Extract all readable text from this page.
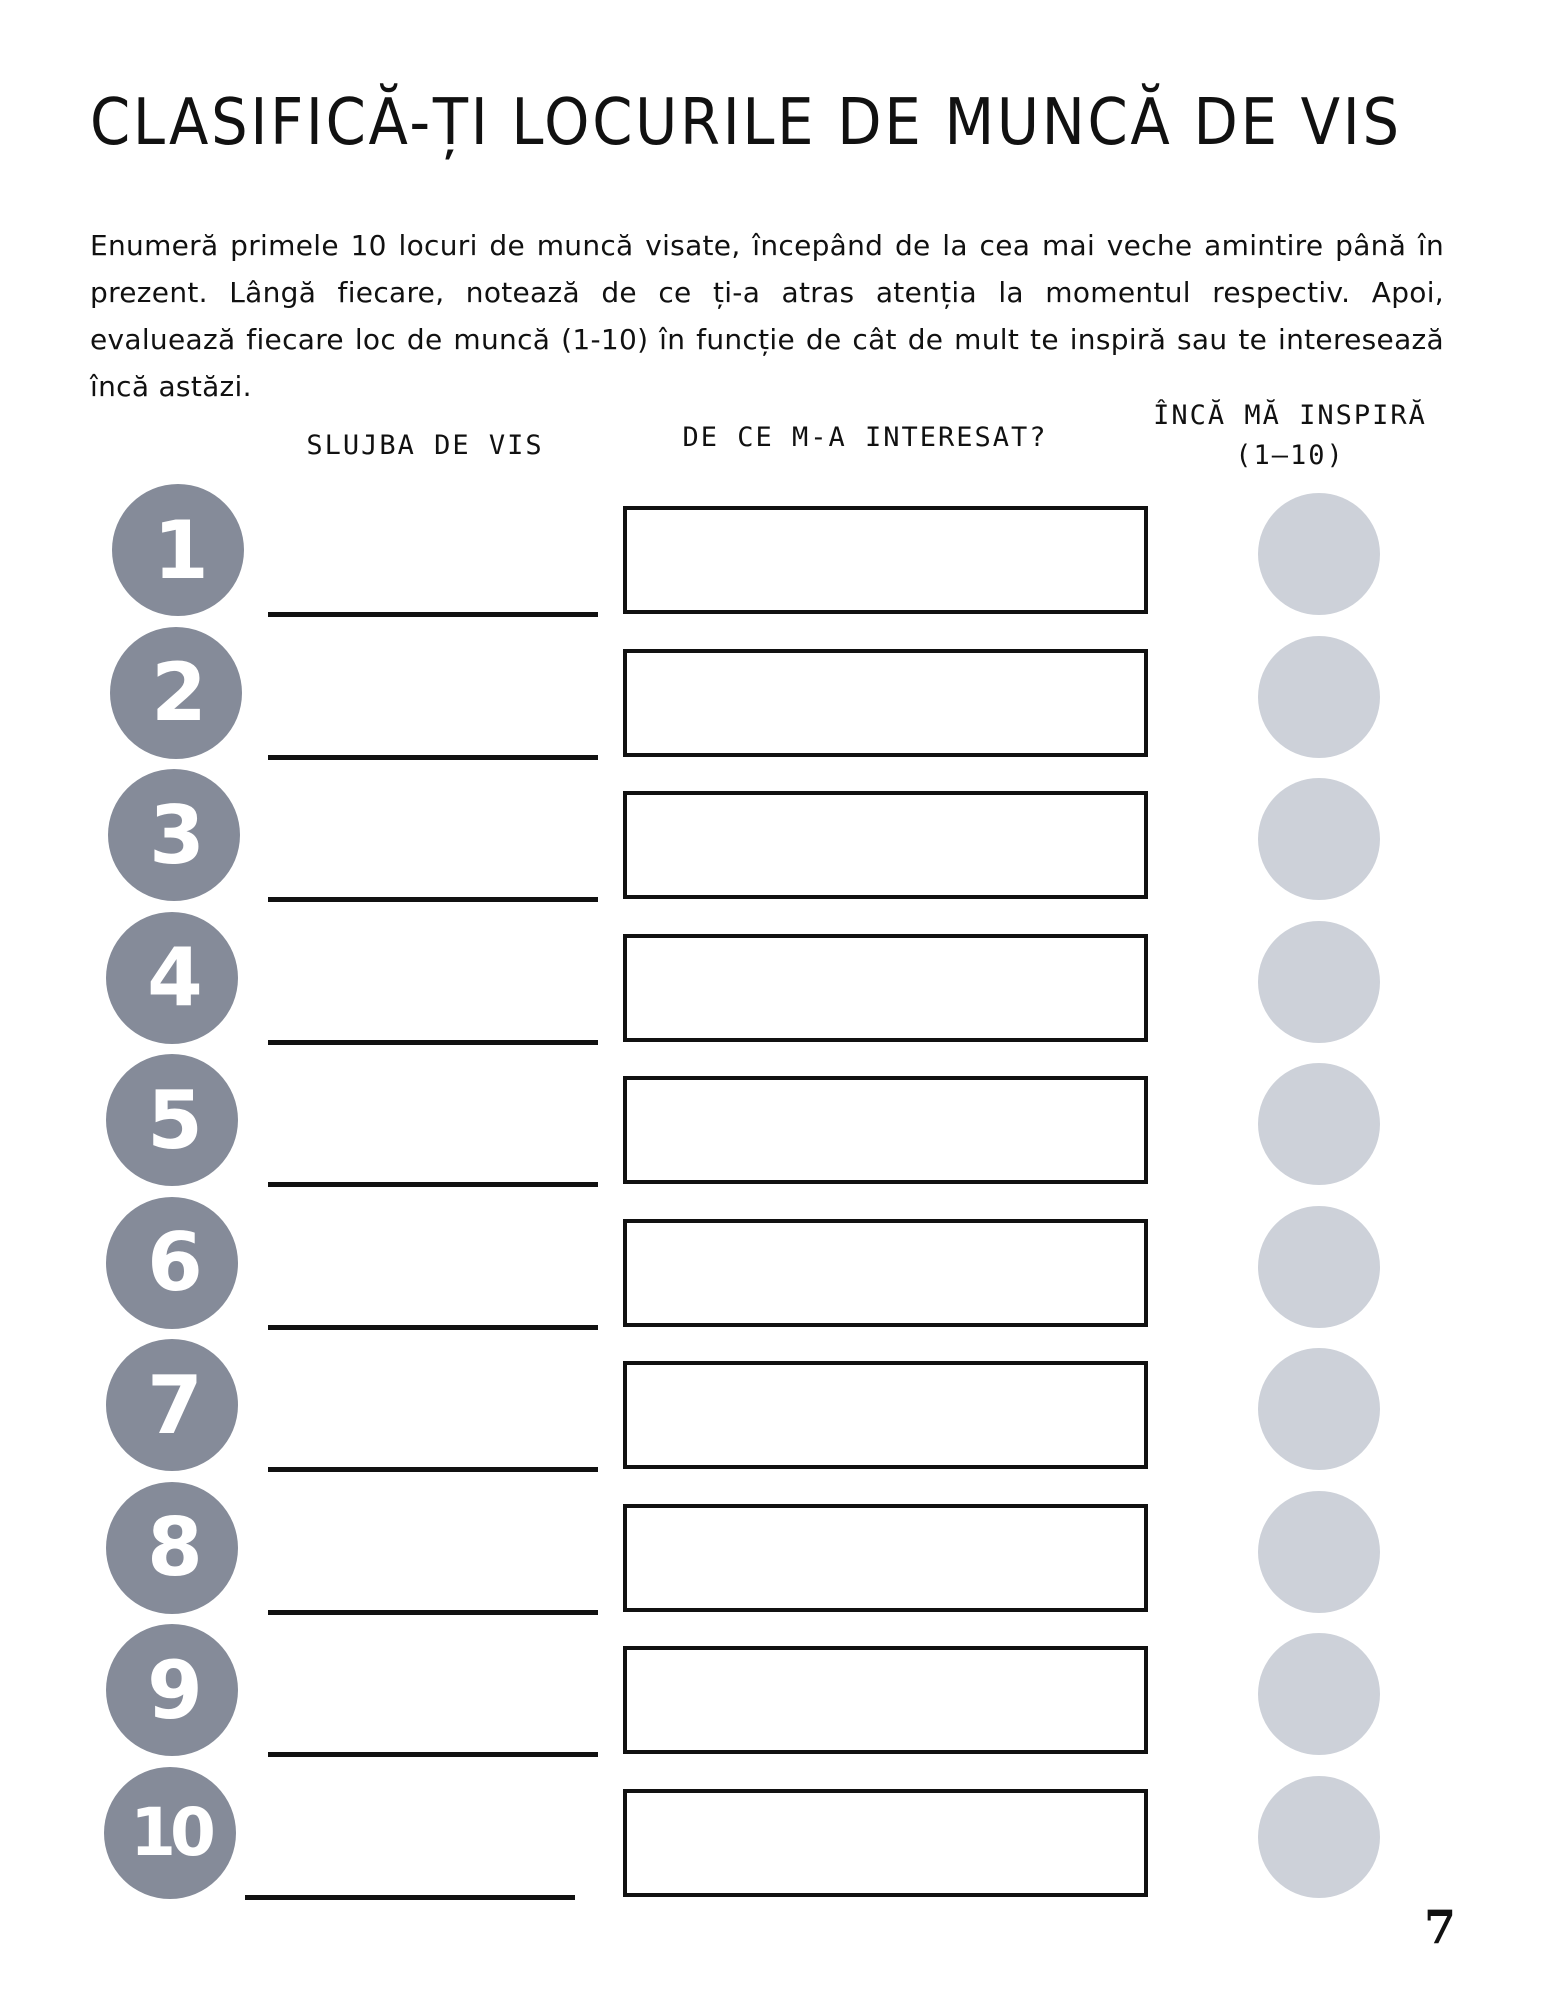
CLASIFICĂ-ȚI LOCURILE DE MUNCĂ DE VIS
Enumeră primele 10 locuri de muncă visate, începând de la cea mai veche amintire până în prezent. Lângă fiecare, notează de ce ți-a atras atenția la momentul respectiv. Apoi, evaluează fiecare loc de muncă (1-10) în funcție de cât de mult te inspiră sau te interesează încă astăzi.
SLUJBA DE VIS	DE CE M-A INTERESAT?
ÎNCĂ MĂ INSPIRĂ
(1–10)
1
2
3
4
5
6
7
8
9
10
7
